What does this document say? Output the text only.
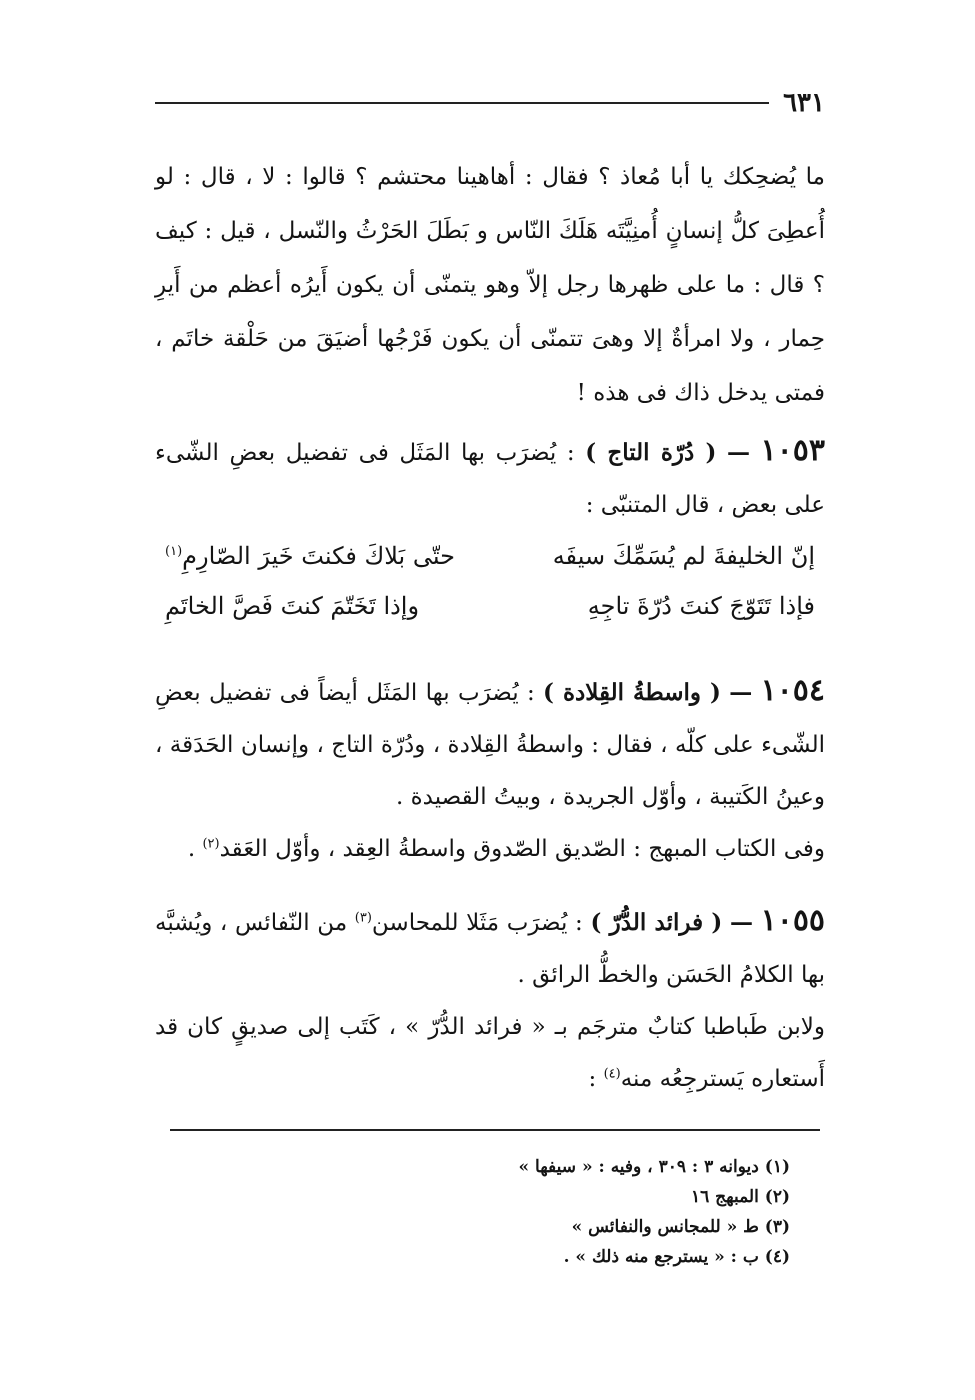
٦٣١

ما يُضحِكك يا أبا مُعاذ ؟ فقال : أهاهينا محتشم ؟ قالوا : لا ، قال : لو أُعطِىَ كلُّ إنسانٍ أُمنِيَّتَه هَلَكَ النّاس و بَطَلَ الحَرْثُ والنّسل ، قيل : كيف ؟ قال : ما على ظهرها رجل إلاّ وهو يتمنّى أن يكون أَيرُه أعظم من أَيرِ حِمار ، ولا امرأةٌ إلا وهىَ تتمنّى أن يكون فَرْجُها أضيَقَ من حَلْقة خاتَم ، فمتى يدخل ذاك فى هذه !

١٠٥٣ — ( دُرّة التاج ) : يُضرَب بها المَثَل فى تفضيل بعضِ الشّىء على بعض ، قال المتنبّى :
إنّ الخليفةَ لم يُسَمِّكَ سيفَه
حتّى بَلاكَ فكنتَ خَيرَ الصّارِمِ$^{(١)}$
فإذا تَتَوّجَ كنتَ دُرّةَ تاجِهِ
وإذا تَخَتّمَ كنتَ فَصَّ الخاتَمِ
١٠٥٤ — ( واسطةُ القِلادة ) : يُضرَب بها المَثَل أيضاً فى تفضيل بعضِ الشّىء على كلّه ، فقال : واسطةُ القِلادة ، ودُرّة التاج ، وإنسان الحَدَقة ، وعينُ الكَتيبة ، وأوّل الجريدة ، وبيتُ القصيدة .
وفى الكتاب المبهج : الصّديق الصّدوق واسطةُ العِقد ، وأوّل العَقد$^{(٢)}$ .
١٠٥٥ — ( فرائد الدُّرّ ) : يُضرَب مَثَلا للمحاسن$^{(٣)}$ من النّفائس ، ويُشبَّه بها الكلامُ الحَسَن والخطُّ الرائق .
ولابن طَباطبا كتابٌ مترجَم بـ « فرائد الدُّرّ » ، كَتَب إلى صديقٍ كان قد أَستعاره يَسترجِعُه منه$^{(٤)}$ :

(١) ديوانه ٣ : ٣٠٩ ، وفيه : « سيفها »

(٢) المبهج ١٦

(٣) ط « للمجانس والنفائس »

(٤) ب : « يسترجع منه ذلك » .
